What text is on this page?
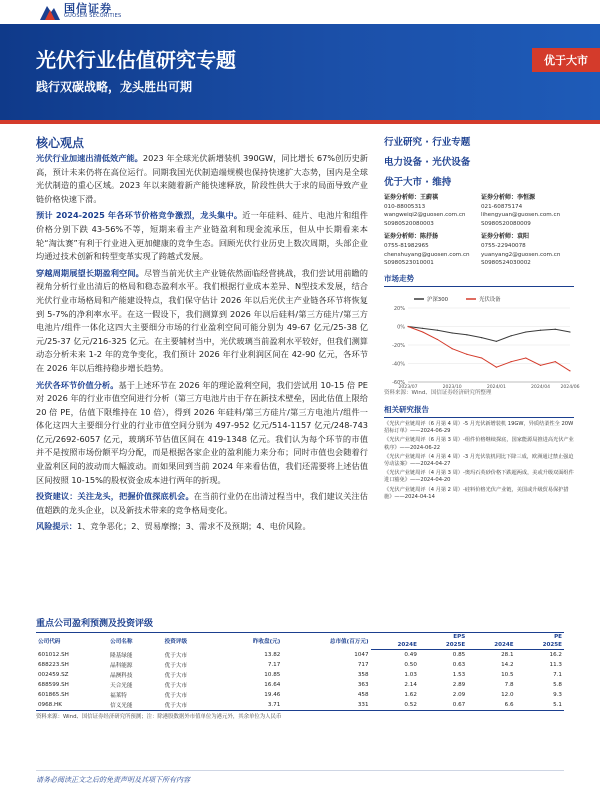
国信证券
GUOSEN SECURITIES
光伏行业估值研究专题
践行双碳战略，龙头胜出可期
优于大市
核心观点

光伏行业加速出清低效产能。2023 年全球光伏新增装机 390GW，同比增长 67%创历史新高，预计未来仍将在高位运行。同期我国光伏制造端规模也保持快速扩大态势，国内是全球光伏制造的重心区域。2023 年以来随着新产能快速释放，阶段性供大于求的局面导致产业链价格快速下滑。

预计 2024-2025 年各环节价格竞争激烈，龙头集中。近一年硅料、硅片、电池片和组件价格分别下跌 43-56%不等，短期来看主产业链盈利和现金流承压，但从中长期看来本轮“淘汰赛”有利于行业进入更加健康的竞争生态。回顾光伏行业历史上数次周期，头部企业均通过技术创新和转型变革实现了跨越式发展。

穿越周期展望长期盈利空间。尽管当前光伏主产业链依然面临经营挑战，我们尝试用前瞻的视角分析行业出清后的格局和稳态盈利水平。我们根据行业成本差异、N型技术发展，结合光伏行业市场格局和产能建设特点，我们保守估计 2026 年以后光伏主产业链各环节将恢复到 5-7%的净利率水平。在这一假设下，我们测算到 2026 年以后硅料/第三方硅片/第三方电池片/组件一体化这四大主要细分市场的行业盈利空间可能分别为 49-67 亿元/25-38 亿元/25-37 亿元/216-325 亿元。在主要辅材当中，光伏玻璃当前盈利水平较好，但我们测算动态分析未来 1-2 年的竞争变化，我们预计 2026 年行业利润区间在 42-90 亿元，各环节在 2026 年以后维持稳步增长趋势。

光伏各环节价值分析。基于上述环节在 2026 年的理论盈利空间，我们尝试用 10-15 倍 PE 对 2026 年的行业市值空间进行分析（第三方电池片由于存在新技术壁垒，因此估值上限给 20 倍 PE，估值下限维持在 10 倍），得到 2026 年硅料/第三方硅片/第三方电池片/组件一体化这四大主要细分行业的行业市值空间分别为 497-952 亿元/514-1157 亿元/248-743 亿元/2692-6057 亿元，玻璃环节估值区间在 419-1348 亿元。我们认为每个环节的市值并不是按照市场份额平均分配，而是根据各家企业的盈利能力来分布；同时市值也会随着行业盈利区间的波动而大幅波动。而如果回到当前 2024 年来看估值，我们还需要将上述估值区间按照 10-15%的股权资金成本进行两年的折现。

投资建议：关注龙头，把握价值探底机会。在当前行业仍在出清过程当中，我们建议关注估值超跌的龙头企业，以及新技术带来的竞争格局变化。

风险提示：1、竞争恶化；2、贸易摩擦；3、需求不及预期；4、电价风险。

行业研究 · 行业专题
电力设备 · 光伏设备
优于大市 · 维持
证券分析师：王蔚祺
010-88005313
wangweiqi2@guosen.com.cn
S0980520080003
证券分析师：李恒源
021-60875174
lihengyuan@guosen.com.cn
S0980520080009
证券分析师：陈抒扬
0755-81982965
chenshuyang@guosen.com.cn
S0980523010001
证券分析师：袁阳
0755-22940078
yuanyang2@guosen.com.cn
S0980524030002
市场走势
-60%
-40%
-20%
0%
20%
2023/07	2023/10	2024/01	2024/04 2024/06
沪深300	光伏设备
资料来源：Wind、国信证券经济研究所整理
相关研究报告
《光伏产业链周评（6 月第 4 周）-5 月光伏新增装机 19GW，异质结柔性全 20W 招标订单》——2024-06-29
《光伏产业链周评（6 月第 3 周）-组件价格继续探底，国家能源局推进高光伏产业秩序》——2024-06-22
《光伏产业链周评（4 月第 4 周）-3 月光伏装机同比下降三成，欧洲通过禁止强迫劳动法案》——2024-04-27
《光伏产业链周评（4 月第 3 周）-奥玛石英砂价格下跌超两成，美或升级双面组件进口豁免》——2024-04-20
《光伏产业链周评（4 月第 2 周）-硅料价格光伏产业链，美国或升级贸易保护措施》——2024-04-14
重点公司盈利预测及投资评级
公司代码	公司名称	投资评级	昨收盘(元)	总市值(百万元)	EPS		PE	
					2024E	2025E	2024E	2025E
601012.SH	隆基绿能	优于大市	13.82	1047	0.49	0.85	28.1	16.2
688223.SH	晶科能源	优于大市	7.17	717	0.50	0.63	14.2	11.3
002459.SZ	晶澳科技	优于大市	10.85	358	1.03	1.53	10.5	7.1
688599.SH	天合光能	优于大市	16.64	363	2.14	2.89	7.8	5.8
601865.SH	福莱特	优于大市	19.46	458	1.62	2.09	12.0	9.3
0968.HK	信义光能	优于大市	3.71	331	0.52	0.67	6.6	5.1
资料来源：Wind、国信证券经济研究所预测；注：除港股数据外市值单位为港元外，其余单位为人民币
请务必阅读正文之后的免责声明及其项下所有内容
